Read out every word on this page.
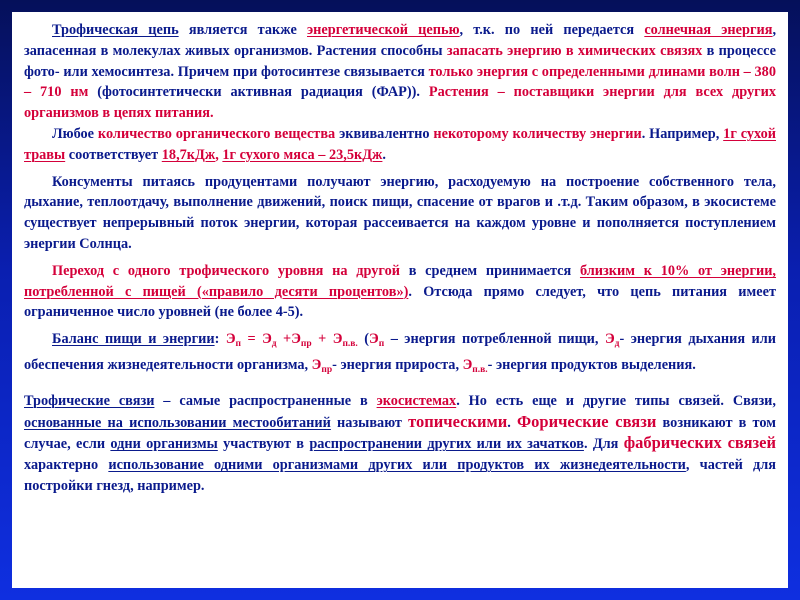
Трофическая цепь является также энергетической цепью, т.к. по ней передается солнечная энергия, запасенная в молекулах живых организмов. Растения способны запасать энергию в химических связях в процессе фото- или хемосинтеза. Причем при фотосинтезе связывается только энергия с определенными длинами волн – 380 – 710 нм (фотосинтетически активная радиация (ФАР)). Растения – поставщики энергии для всех других организмов в цепях питания.

Любое количество органического вещества эквивалентно некоторому количеству энергии. Например, 1г сухой травы соответствует 18,7кДж, 1г сухого мяса – 23,5кДж.

Консументы питаясь продуцентами получают энергию, расходуемую на построение собственного тела, дыхание, теплоотдачу, выполнение движений, поиск пищи, спасение от врагов и .т.д. Таким образом, в экосистеме существует непрерывный поток энергии, которая рассеивается на каждом уровне и пополняется поступлением энергии Солнца.

Переход с одного трофического уровня на другой в среднем принимается близким к 10% от энергии, потребленной с пищей («правило десяти процентов»). Отсюда прямо следует, что цепь питания имеет ограниченное число уровней (не более 4-5).

Баланс пищи и энергии: $Э_п = Э_д +Э_{пр} + Э_{п.в.}$ ($Э_п$ – энергия потребленной пищи, $Э_д-$ энергия дыхания или обеспечения жизнедеятельности организма, $Э_{пр}-$ энергия прироста, $Э_{п.в.}-$ энергия продуктов выделения.

Трофические связи – самые распространенные в экосистемах. Но есть еще и другие типы связей. Связи, основанные на использовании местообитаний называют топическими. Форические связи возникают в том случае, если одни организмы участвуют в распространении других или их зачатков. Для фабрических связей характерно использование одними организмами других или продуктов их жизнедеятельности, частей для постройки гнезд, например.
